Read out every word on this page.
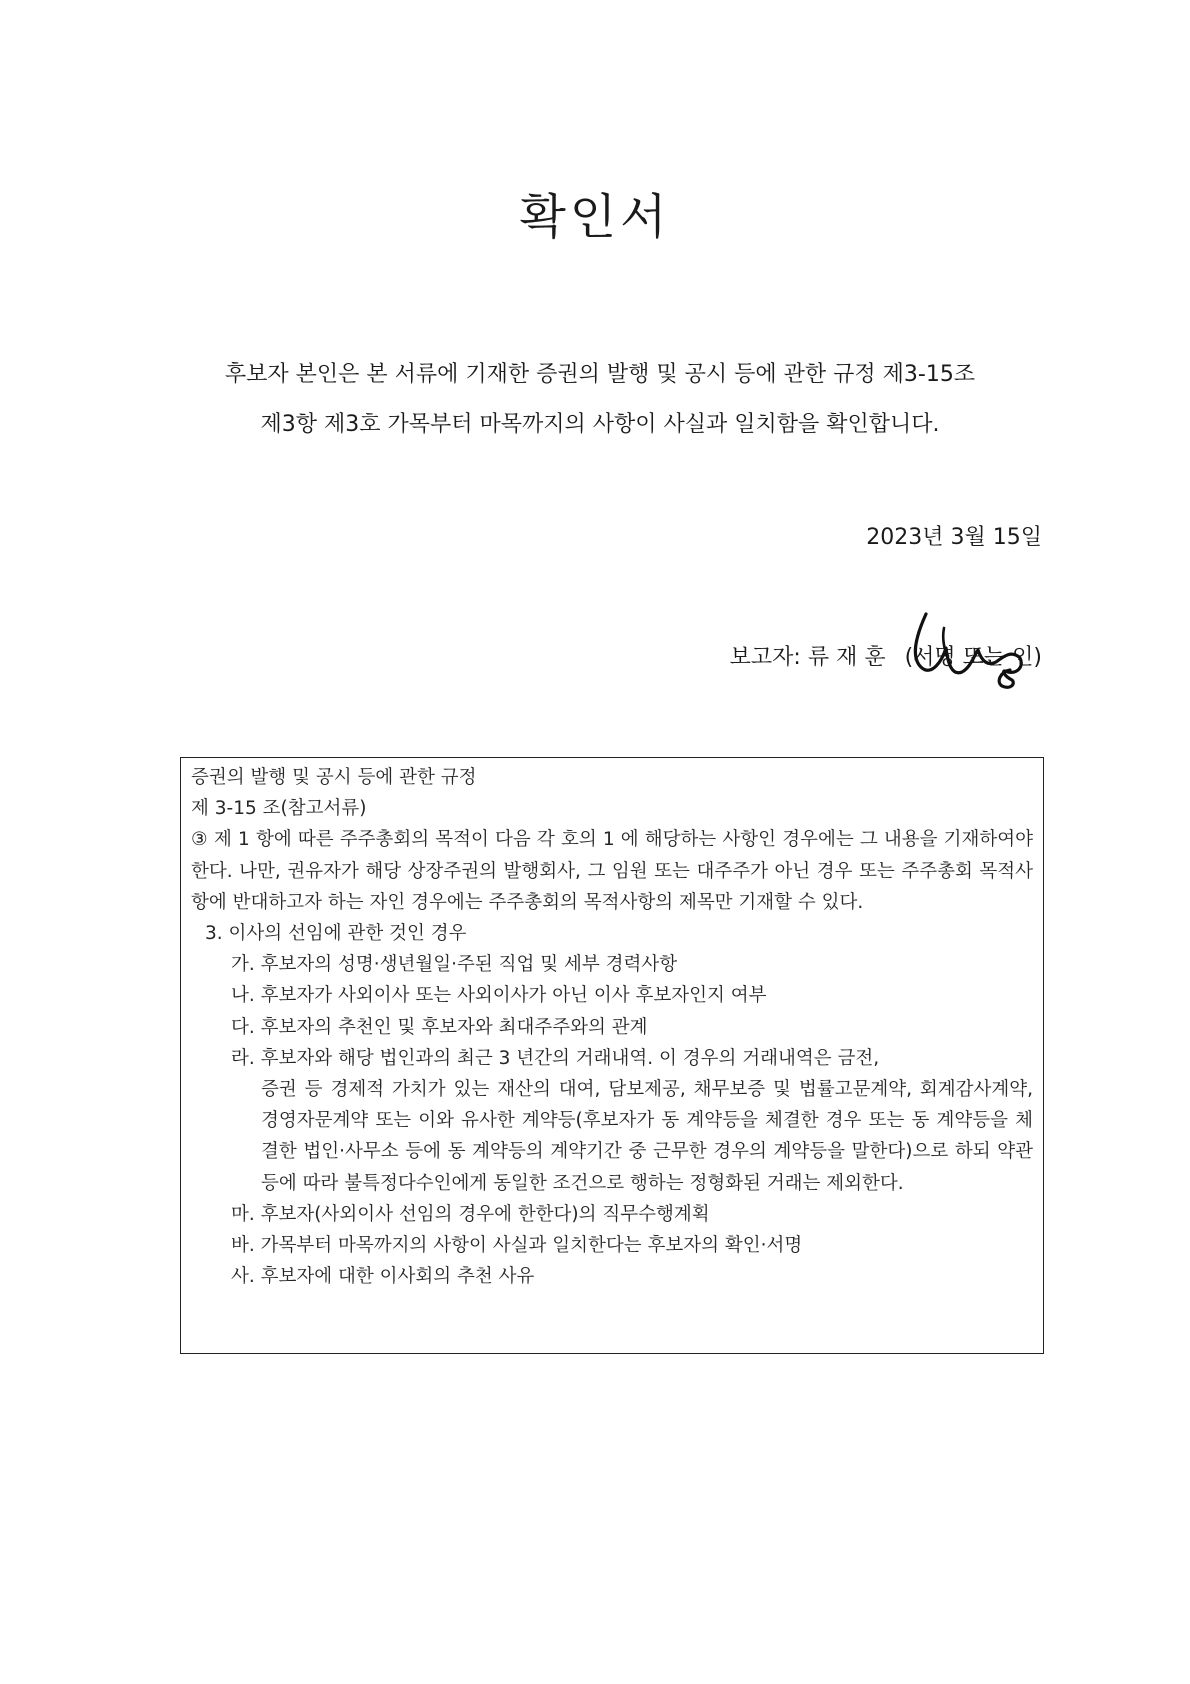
확인서
후보자 본인은 본 서류에 기재한 증권의 발행 및 공시 등에 관한 규정 제3-15조
제3항 제3호 가목부터 마목까지의 사항이 사실과 일치함을 확인합니다.
2023년 3월 15일
보고자: 류 재 훈 (서명 또는 인)
증권의 발행 및 공시 등에 관한 규정
제 3-15 조(참고서류)
③ 제 1 항에 따른 주주총회의 목적이 다음 각 호의 1 에 해당하는 사항인 경우에는 그 내용을 기재하여야 한다. 나만, 권유자가 해당 상장주권의 발행회사, 그 임원 또는 대주주가 아닌 경우 또는 주주총회 목적사항에 반대하고자 하는 자인 경우에는 주주총회의 목적사항의 제목만 기재할 수 있다.
3. 이사의 선임에 관한 것인 경우
가. 후보자의 성명·생년월일·주된 직업 및 세부 경력사항
나. 후보자가 사외이사 또는 사외이사가 아닌 이사 후보자인지 여부
다. 후보자의 추천인 및 후보자와 최대주주와의 관계
라. 후보자와 해당 법인과의 최근 3 년간의 거래내역. 이 경우의 거래내역은 금전,
증권 등 경제적 가치가 있는 재산의 대여, 담보제공, 채무보증 및 법률고문계약, 회계감사계약, 경영자문계약 또는 이와 유사한 계약등(후보자가 동 계약등을 체결한 경우 또는 동 계약등을 체결한 법인·사무소 등에 동 계약등의 계약기간 중 근무한 경우의 계약등을 말한다)으로 하되 약관 등에 따라 불특정다수인에게 동일한 조건으로 행하는 정형화된 거래는 제외한다.
마. 후보자(사외이사 선임의 경우에 한한다)의 직무수행계획
바. 가목부터 마목까지의 사항이 사실과 일치한다는 후보자의 확인·서명
사. 후보자에 대한 이사회의 추천 사유
